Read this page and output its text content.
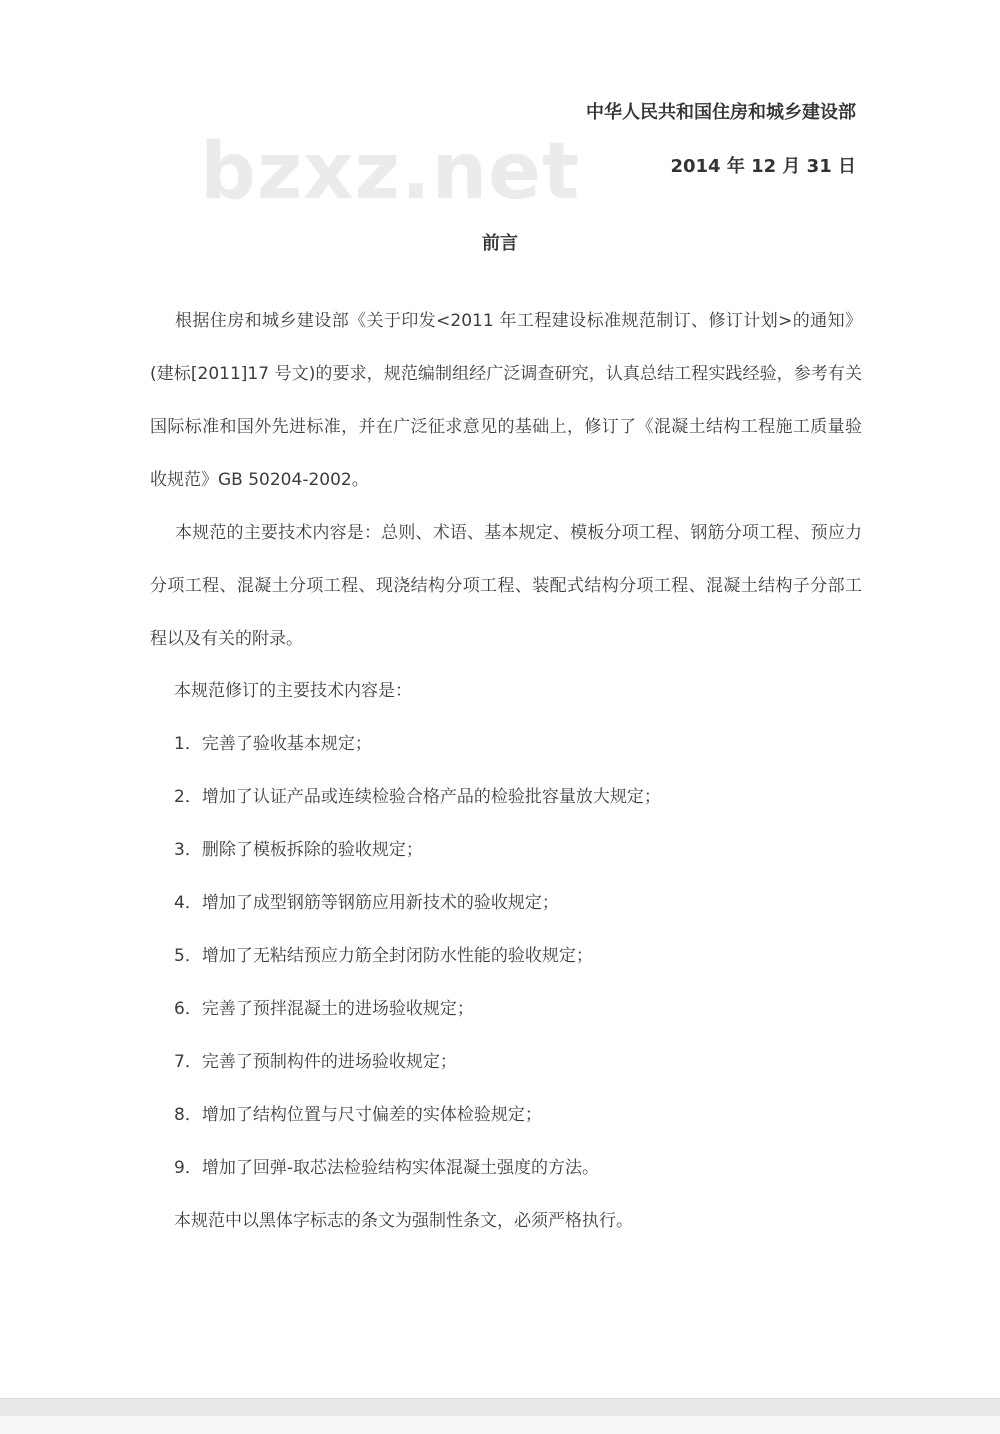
bzxz.net
中华人民共和国住房和城乡建设部
2014 年 12 月 31 日
前言

根据住房和城乡建设部《关于印发<2011 年工程建设标准规范制订、修订计划>的通知》(建标[2011]17 号文)的要求，规范编制组经广泛调查研究，认真总结工程实践经验，参考有关国际标准和国外先进标准，并在广泛征求意见的基础上，修订了《混凝土结构工程施工质量验收规范》GB 50204-2002。

本规范的主要技术内容是：总则、术语、基本规定、模板分项工程、钢筋分项工程、预应力分项工程、混凝土分项工程、现浇结构分项工程、装配式结构分项工程、混凝土结构子分部工程以及有关的附录。

本规范修订的主要技术内容是：
1．完善了验收基本规定；
2．增加了认证产品或连续检验合格产品的检验批容量放大规定；
3．删除了模板拆除的验收规定；
4．增加了成型钢筋等钢筋应用新技术的验收规定；
5．增加了无粘结预应力筋全封闭防水性能的验收规定；
6．完善了预拌混凝土的进场验收规定；
7．完善了预制构件的进场验收规定；
8．增加了结构位置与尺寸偏差的实体检验规定；
9．增加了回弹-取芯法检验结构实体混凝土强度的方法。
本规范中以黑体字标志的条文为强制性条文，必须严格执行。
